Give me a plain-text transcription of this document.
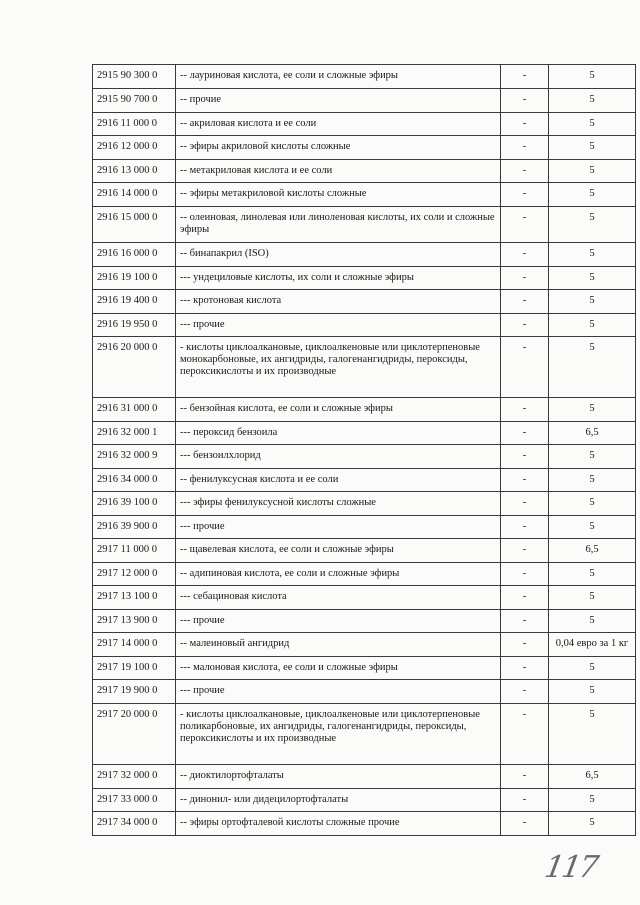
2915 90 300 0	-- лауриновая кислота, ее соли и сложные эфиры	-	5
2915 90 700 0	-- прочие	-	5
2916 11 000 0	-- акриловая кислота и ее соли	-	5
2916 12 000 0	-- эфиры акриловой кислоты сложные	-	5
2916 13 000 0	-- метакриловая кислота и ее соли	-	5
2916 14 000 0	-- эфиры метакриловой кислоты сложные	-	5
2916 15 000 0	-- олеиновая, линолевая или линоленовая кислоты, их соли и сложные эфиры	-	5
2916 16 000 0	-- бинапакрил (ISO)	-	5
2916 19 100 0	--- ундециловые кислоты, их соли и сложные эфиры	-	5
2916 19 400 0	--- кротоновая кислота	-	5
2916 19 950 0	--- прочие	-	5
2916 20 000 0	- кислоты циклоалкановые, циклоалкеновые или циклотерпеновые монокарбоновые, их ангидриды, галогенангидриды, пероксиды, пероксикислоты и их производные	-	5
2916 31 000 0	-- бензойная кислота, ее соли и сложные эфиры	-	5
2916 32 000 1	--- пероксид бензоила	-	6,5
2916 32 000 9	--- бензоилхлорид	-	5
2916 34 000 0	-- фенилуксусная кислота и ее соли	-	5
2916 39 100 0	--- эфиры фенилуксусной кислоты сложные	-	5
2916 39 900 0	--- прочие	-	5
2917 11 000 0	-- щавелевая кислота, ее соли и сложные эфиры	-	6,5
2917 12 000 0	-- адипиновая кислота, ее соли и сложные эфиры	-	5
2917 13 100 0	--- себациновая кислота	-	5
2917 13 900 0	--- прочие	-	5
2917 14 000 0	-- малеиновый ангидрид	-	0,04 евро за 1 кг
2917 19 100 0	--- малоновая кислота, ее соли и сложные эфиры	-	5
2917 19 900 0	--- прочие	-	5
2917 20 000 0	- кислоты циклоалкановые, циклоалкеновые или циклотерпеновые поликарбоновые, их ангидриды, галогенангидриды, пероксиды, пероксикислоты и их производные	-	5
2917 32 000 0	-- диоктилортофталаты	-	6,5
2917 33 000 0	-- динонил- или дидецилортофталаты	-	5
2917 34 000 0	-- эфиры ортофталевой кислоты сложные прочие	-	5
117
